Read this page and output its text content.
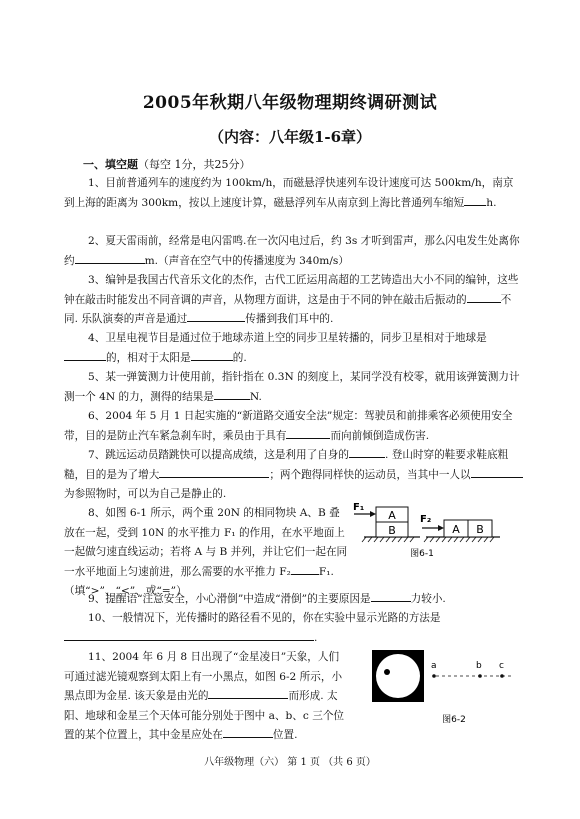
2005年秋期八年级物理期终调研测试
（内容：八年级1-6章）
一、填空题（每空 1分，共25分）
1、目前普通列车的速度约为 100km/h，而磁悬浮快速列车设计速度可达 500km/h，南京到上海的距离为 300km，按以上速度计算，磁悬浮列车从南京到上海比普通列车缩短 h.
2、夏天雷雨前，经常是电闪雷鸣.在一次闪电过后，约 3s 才听到雷声，那么闪电发生处离你约	m.（声音在空气中的传播速度为 340m/s）
3、编钟是我国古代音乐文化的杰作，古代工匠运用高超的工艺铸造出大小不同的编钟，这些钟在敲击时能发出不同音调的声音，从物理方面讲，这是由于不同的钟在敲击后振动的	不同. 乐队演奏的声音是通过	传播到我们耳中的.
4、卫星电视节目是通过位于地球赤道上空的同步卫星转播的，同步卫星相对于地球是的，相对于太阳是	的.
5、某一弹簧测力计使用前，指针指在 0.3N 的刻度上，某同学没有校零，就用该弹簧测力计测一个 4N 的力，测得的结果是	N.
6、2004 年 5 月 1 日起实施的“新道路交通安全法”规定：驾驶员和前排乘客必须使用安全带，目的是防止汽车紧急刹车时，乘员由于具有	而向前倾倒造成伤害.
7、跳远运动员踏跳快可以提高成绩，这是利用了自身的	. 登山时穿的鞋要求鞋底粗糙，目的是为了增大	；两个跑得同样快的运动员，当其中一人以为参照物时，可以为自己是静止的.
8、如图 6-1 所示，两个重 20N 的相同物块 A、B 叠放在一起，受到 10N 的水平推力 F₁ 的作用，在水平地面上一起做匀速直线运动；若将 A 与 B 并列，并让它们一起在同一水平地面上匀速前进，那么需要的水平推力 F₂	F₁.（填“>”、“<”、或“=”）
A
B
F₁
A B
F₂
图6-1
9、提醒语“注意安全，小心滑倒”中造成“滑倒”的主要原因是	力较小.
10、一般情况下，光传播时的路径看不见的，你在实验中显示光路的方法是.
11、2004 年 6 月 8 日出现了“金星凌日”天象，人们可通过滤光镜观察到太阳上有一小黑点，如图 6-2 所示，小黑点即为金星. 该天象是由光的	而形成. 太阳、地球和金星三个天体可能分别处于图中 a、b、c 三个位置的某个位置上，其中金星应处在	位置.
a	b c
图6-2
八年级物理（六） 第 1 页 （共 6 页）
